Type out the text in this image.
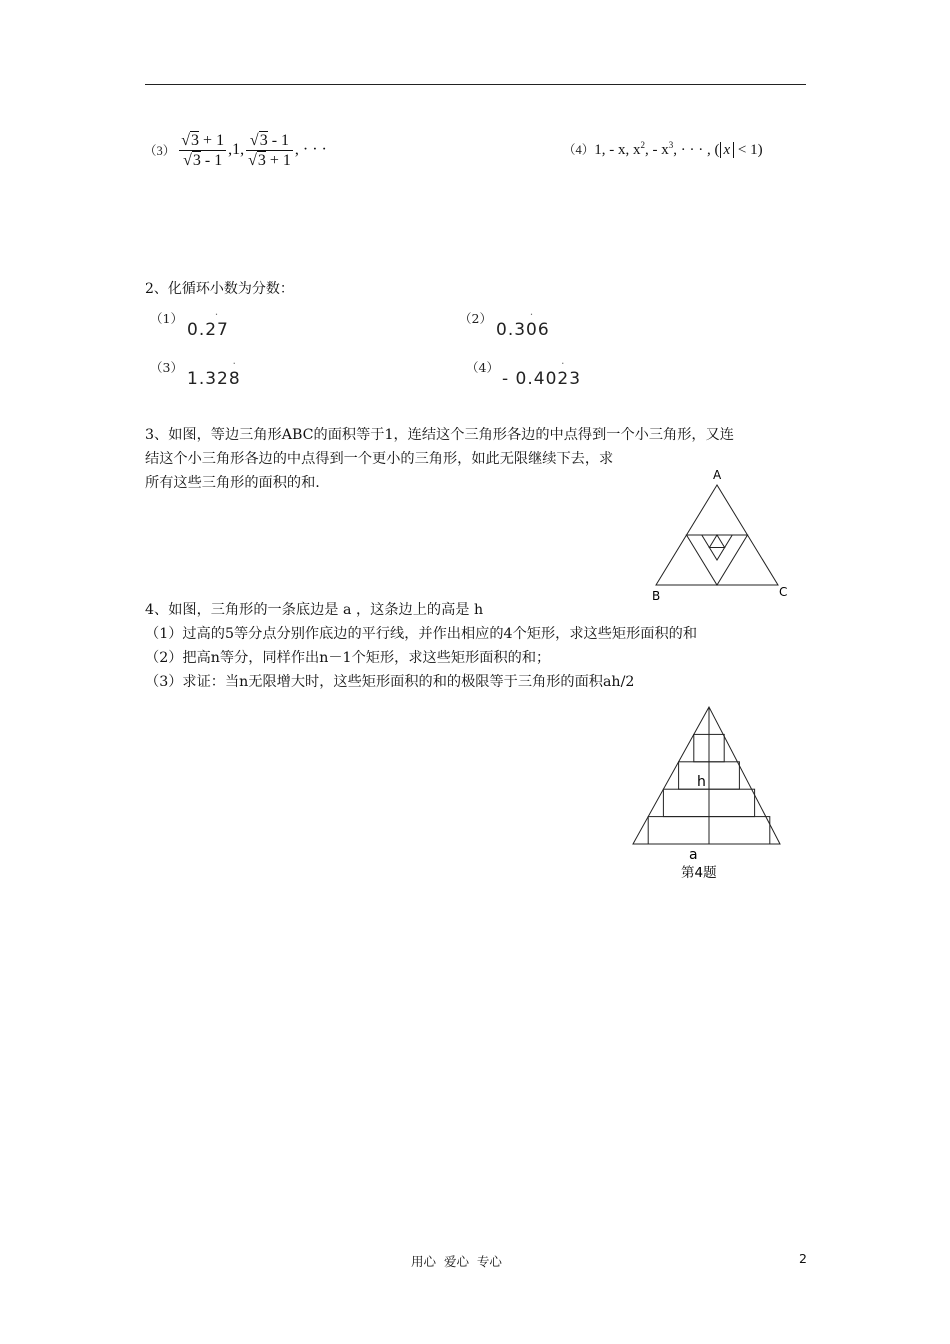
$(3) \frac{√3 + 1}{√3 - 1} ,1$, $\frac{√3 - 1}{√3 + 1}$ , · · ·	（4）1, - x, $x^2$, - $x^3$, · · · , ( x < 1)
2、化循环小数为分数：
（1）
0.· 27
（2）
0.· 306
（3）
1.32· 8
（4）
- 0.4· 023
3、如图，等边三角形ABC的面积等于1，连结这个三角形各边的中点得到一个小三角形，又连
结这个小三角形各边的中点得到一个更小的三角形，如此无限继续下去，求
所有这些三角形的面积的和.	A
B	C
4、如图，三角形的一条底边是 a ，这条边上的高是 h
（1）过高的5等分点分别作底边的平行线，并作出相应的4个矩形，求这些矩形面积的和
（2）把高n等分，同样作出n－1个矩形，求这些矩形面积的和；
（3）求证：当n无限增大时，这些矩形面积的和的极限等于三角形的面积ah/2
h
a
第4题
用心  爱心  专心	2
